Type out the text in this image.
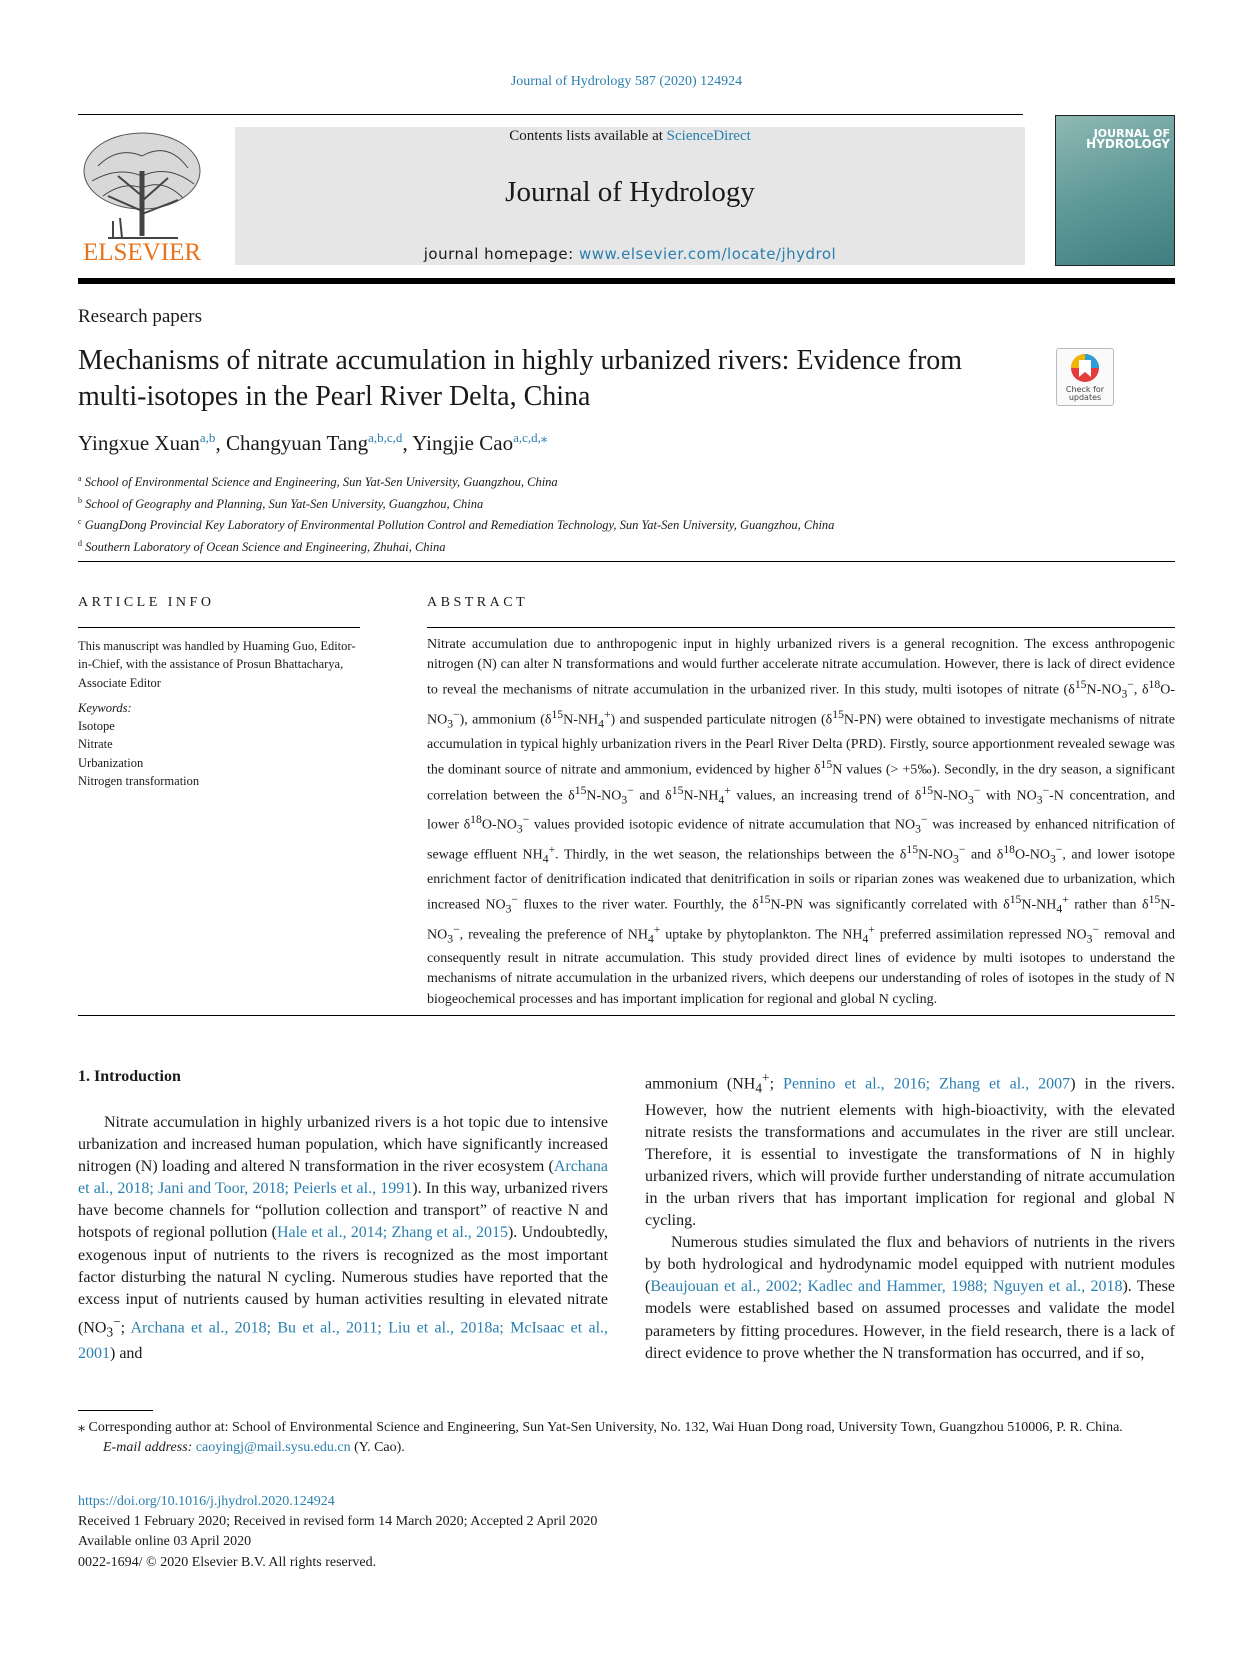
Journal of Hydrology 587 (2020) 124924
ELSEVIER
Contents lists available at ScienceDirect
Journal of Hydrology
journal homepage: www.elsevier.com/locate/jhydrol
JOURNAL OF
HYDROLOGY
Research papers
Mechanisms of nitrate accumulation in highly urbanized rivers: Evidence from multi-isotopes in the Pearl River Delta, China	Check for
updates
Yingxue Xuan$^{a,b}$, Changyuan Tang$^{a,b,c,d}$, Yingjie Cao$^{a,c,d,⁎}$
$^a$ School of Environmental Science and Engineering, Sun Yat-Sen University, Guangzhou, China
$^b$ School of Geography and Planning, Sun Yat-Sen University, Guangzhou, China
$^c$ GuangDong Provincial Key Laboratory of Environmental Pollution Control and Remediation Technology, Sun Yat-Sen University, Guangzhou, China
$^d$ Southern Laboratory of Ocean Science and Engineering, Zhuhai, China
ARTICLE INFO	ABSTRACT
This manuscript was handled by Huaming Guo, Editor-in-Chief, with the assistance of Prosun Bhattacharya, Associate Editor
Keywords:
Isotope
Nitrate
Urbanization
Nitrogen transformation
Nitrate accumulation due to anthropogenic input in highly urbanized rivers is a general recognition. The excess anthropogenic nitrogen (N) can alter N transformations and would further accelerate nitrate accumulation. However, there is lack of direct evidence to reveal the mechanisms of nitrate accumulation in the urbanized river. In this study, multi isotopes of nitrate ($\delta^{15}N-NO_3^-$, $\delta^{18}O-NO_3^-$), ammonium $(\delta^{15}N-NH_4^+)$ and suspended particulate nitrogen $(\delta^{15}N-PN)$ were obtained to investigate mechanisms of nitrate accumulation in typical highly urbanization rivers in the Pearl River Delta (PRD). Firstly, source apportionment revealed sewage was the dominant source of nitrate and ammonium, evidenced by higher $\delta^{15}N$ values (> +5‰). Secondly, in the dry season, a significant correlation between the $\delta^{15}N-NO_3^-$ and $\delta^{15}N-NH_4^+$ values, an increasing trend of $\delta^{15}N-NO_3^-$ with $NO_3^--N$ concentration, and lower $\delta^{18}O-NO_3^-$ values provided isotopic evidence of nitrate accumulation that $NO_3^-$ was increased by enhanced nitrification of sewage effluent $NH_4^+$. Thirdly, in the wet season, the relationships between the $\delta^{15}N-NO_3^-$ and $\delta^{18}O-NO_3^-$, and lower isotope enrichment factor of denitrification indicated that denitrification in soils or riparian zones was weakened due to urbanization, which increased $NO_3^-$ fluxes to the river water. Fourthly, the $\delta^{15}N-PN$ was significantly correlated with $\delta^{15}N-NH_4^+$ rather than $\delta^{15}N-NO_3^-$, revealing the preference of $NH_4^+$ uptake by phytoplankton. The $NH_4^+$ preferred assimilation repressed $NO_3^-$ removal and consequently result in nitrate accumulation. This study provided direct lines of evidence by multi isotopes to understand the mechanisms of nitrate accumulation in the urbanized rivers, which deepens our understanding of roles of isotopes in the study of N biogeochemical processes and has important implication for regional and global N cycling.
1. Introduction

Nitrate accumulation in highly urbanized rivers is a hot topic due to intensive urbanization and increased human population, which have significantly increased nitrogen (N) loading and altered N transformation in the river ecosystem (Archana et al., 2018; Jani and Toor, 2018; Peierls et al., 1991). In this way, urbanized rivers have become channels for “pollution collection and transport” of reactive N and hotspots of regional pollution (Hale et al., 2014; Zhang et al., 2015). Undoubtedly, exogenous input of nutrients to the rivers is recognized as the most important factor disturbing the natural N cycling. Numerous studies have reported that the excess input of nutrients caused by human activities resulting in elevated nitrate ($NO_3^-$; Archana et al., 2018; Bu et al., 2011; Liu et al., 2018a; McIsaac et al., 2001) and

ammonium ($NH_4^+$; Pennino et al., 2016; Zhang et al., 2007) in the rivers. However, how the nutrient elements with high-bioactivity, with the elevated nitrate resists the transformations and accumulates in the river are still unclear. Therefore, it is essential to investigate the transformations of N in highly urbanized rivers, which will provide further understanding of nitrate accumulation in the urban rivers that has important implication for regional and global N cycling.

Numerous studies simulated the flux and behaviors of nutrients in the rivers by both hydrological and hydrodynamic model equipped with nutrient modules (Beaujouan et al., 2002; Kadlec and Hammer, 1988; Nguyen et al., 2018). These models were established based on assumed processes and validate the model parameters by fitting procedures. However, in the field research, there is a lack of direct evidence to prove whether the N transformation has occurred, and if so,

⁎ Corresponding author at: School of Environmental Science and Engineering, Sun Yat-Sen University, No. 132, Wai Huan Dong road, University Town, Guangzhou 510006, P. R. China.
E-mail address: caoyingj@mail.sysu.edu.cn (Y. Cao).
https://doi.org/10.1016/j.jhydrol.2020.124924
Received 1 February 2020; Received in revised form 14 March 2020; Accepted 2 April 2020
Available online 03 April 2020
0022-1694/ © 2020 Elsevier B.V. All rights reserved.
